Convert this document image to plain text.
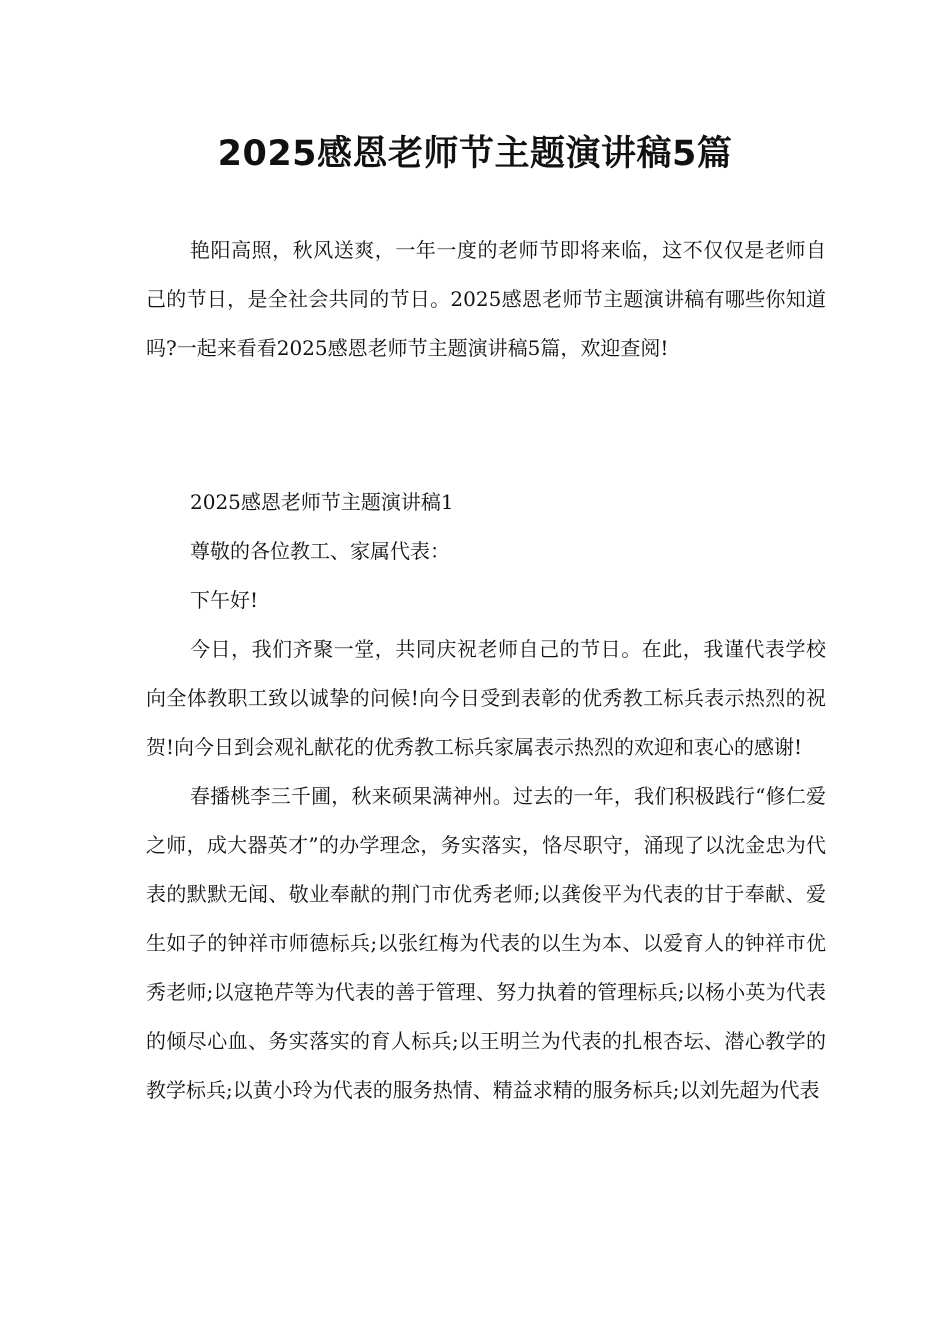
2025感恩老师节主题演讲稿5篇

艳阳高照，秋风送爽，一年一度的老师节即将来临，这不仅仅是老师自己的节日，是全社会共同的节日。2025感恩老师节主题演讲稿有哪些你知道吗?一起来看看2025感恩老师节主题演讲稿5篇，欢迎查阅!

2025感恩老师节主题演讲稿1

尊敬的各位教工、家属代表：

下午好!

今日，我们齐聚一堂，共同庆祝老师自己的节日。在此，我谨代表学校向全体教职工致以诚挚的问候!向今日受到表彰的优秀教工标兵表示热烈的祝贺!向今日到会观礼献花的优秀教工标兵家属表示热烈的欢迎和衷心的感谢!

春播桃李三千圃，秋来硕果满神州。过去的一年，我们积极践行“修仁爱之师，成大器英才”的办学理念，务实落实，恪尽职守，涌现了以沈金忠为代表的默默无闻、敬业奉献的荆门市优秀老师;以龚俊平为代表的甘于奉献、爱生如子的钟祥市师德标兵;以张红梅为代表的以生为本、以爱育人的钟祥市优秀老师;以寇艳芹等为代表的善于管理、努力执着的管理标兵;以杨小英为代表的倾尽心血、务实落实的育人标兵;以王明兰为代表的扎根杏坛、潜心教学的教学标兵;以黄小玲为代表的服务热情、精益求精的服务标兵;以刘先超为代表
